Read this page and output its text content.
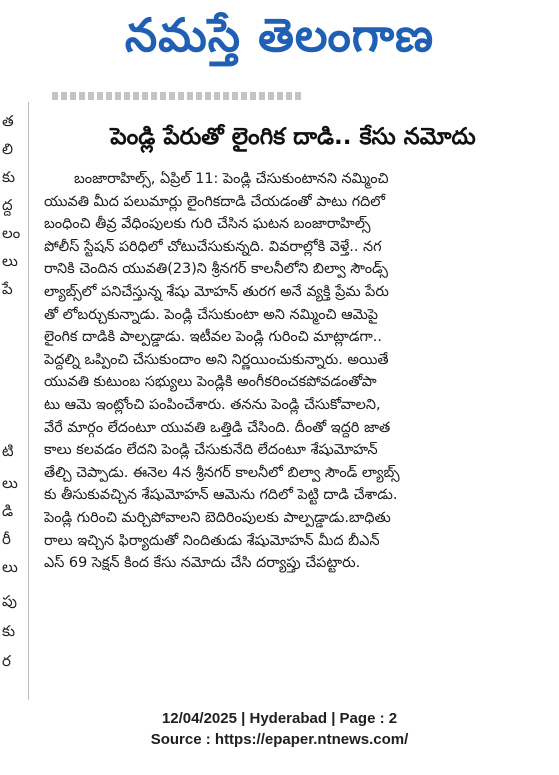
నమస్తే తెలంగాణ
త
లి
కు
ద్ద
లం
లు
పే
టి
లు
డి
రీ
లు
పు
కు
ర
పెండ్లి పేరుతో లైంగిక దాడి.. కేసు నమోదు
బంజారాహిల్స్, ఏప్రిల్ 11: పెండ్లి చేసుకుంటానని నమ్మించి
యువతి మీద పలుమార్లు లైంగికదాడి చేయడంతో పాటు గదిలో
బంధించి తీవ్ర వేధింపులకు గురి చేసిన ఘటన బంజారాహిల్స్
పోలీస్ స్టేషన్ పరిధిలో చోటుచేసుకున్నది. వివరాల్లోకి వెళ్తే.. నగ
రానికి చెందిన యువతి(23)ని శ్రీనగర్ కాలనీలోని బిల్వా సౌండ్స్
ల్యాబ్స్‌లో పనిచేస్తున్న శేషు మోహన్ తురగ అనే వ్యక్తి ప్రేమ పేరు
తో లోబర్చుకున్నాడు. పెండ్లి చేసుకుంటా అని నమ్మించి ఆమెపై
లైంగిక దాడికి పాల్పడ్డాడు. ఇటీవల పెండ్లి గురించి మాట్లాడగా..
పెద్దల్ని ఒప్పించి చేసుకుందాం అని నిర్ణయించుకున్నారు. అయితే
యువతి కుటుంబ సభ్యులు పెండ్లికి అంగీకరించకపోవడంతోపా
టు ఆమె ఇంట్లోంచి పంపించేశారు. తనను పెండ్లి చేసుకోవాలని,
వేరే మార్గం లేదంటూ యువతి ఒత్తిడి చేసింది. దీంతో ఇద్దరి జాత
కాలు కలవడం లేదని పెండ్లి చేసుకునేది లేదంటూ శేషుమోహన్
తేల్చి చెప్పాడు. ఈనెల 4న శ్రీనగర్ కాలనీలో బిల్వా సౌండ్ ల్యాబ్స్
కు తీసుకువచ్చిన శేషుమోహన్ ఆమెను గదిలో పెట్టి దాడి చేశాడు.
పెండ్లి గురించి మర్చిపోవాలని బెదిరింపులకు పాల్పడ్డాడు.బాధితు
రాలు ఇచ్చిన ఫిర్యాదుతో నిందితుడు శేషుమోహన్ మీద బీఎన్
ఎస్ 69 సెక్షన్ కింద కేసు నమోదు చేసి దర్యాప్తు చేపట్టారు.
12/04/2025 | Hyderabad | Page : 2
Source : https://epaper.ntnews.com/
